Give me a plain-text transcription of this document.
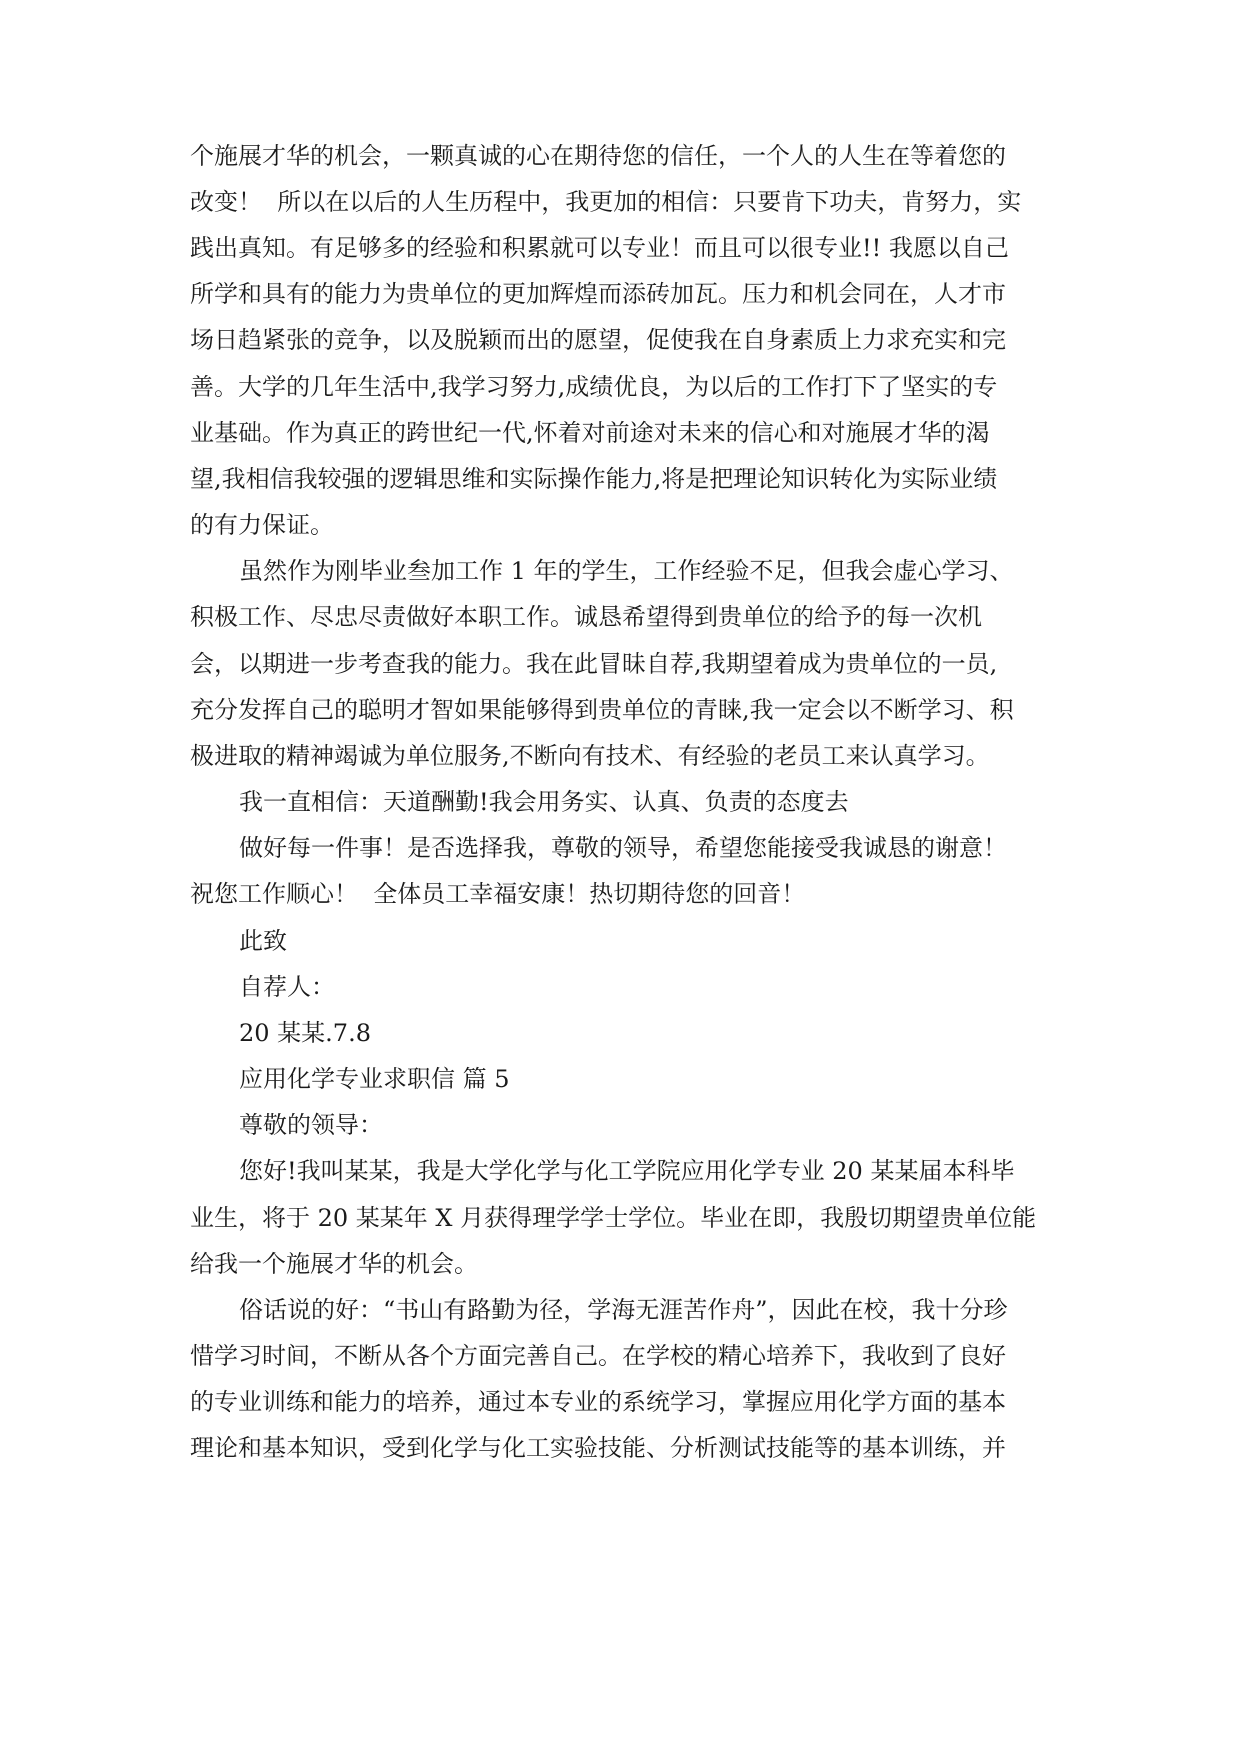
个施展才华的机会，一颗真诚的心在期待您的信任，一个人的人生在等着您的
改变！  所以在以后的人生历程中，我更加的相信：只要肯下功夫，肯努力，实
践出真知。有足够多的经验和积累就可以专业！而且可以很专业!! 我愿以自己
所学和具有的能力为贵单位的更加辉煌而添砖加瓦。压力和机会同在，人才市
场日趋紧张的竞争，以及脱颖而出的愿望，促使我在自身素质上力求充实和完
善。大学的几年生活中,我学习努力,成绩优良，为以后的工作打下了坚实的专
业基础。作为真正的跨世纪一代,怀着对前途对未来的信心和对施展才华的渴
望,我相信我较强的逻辑思维和实际操作能力,将是把理论知识转化为实际业绩
的有力保证。
虽然作为刚毕业叁加工作 1 年的学生，工作经验不足，但我会虚心学习、
积极工作、尽忠尽责做好本职工作。诚恳希望得到贵单位的给予的每一次机
会，以期进一步考查我的能力。我在此冒昧自荐,我期望着成为贵单位的一员,
充分发挥自己的聪明才智如果能够得到贵单位的青睐,我一定会以不断学习、积
极进取的精神竭诚为单位服务,不断向有技术、有经验的老员工来认真学习。
我一直相信：天道酬勤!我会用务实、认真、负责的态度去
做好每一件事！是否选择我，尊敬的领导，希望您能接受我诚恳的谢意！
祝您工作顺心！  全体员工幸福安康！热切期待您的回音！
此致
自荐人：
20 某某.7.8
应用化学专业求职信 篇 5
尊敬的领导：
您好!我叫某某，我是大学化学与化工学院应用化学专业 20 某某届本科毕
业生，将于 20 某某年 X 月获得理学学士学位。毕业在即，我殷切期望贵单位能
给我一个施展才华的机会。
俗话说的好：“书山有路勤为径，学海无涯苦作舟”，因此在校，我十分珍
惜学习时间，不断从各个方面完善自己。在学校的精心培养下，我收到了良好
的专业训练和能力的培养，通过本专业的系统学习，掌握应用化学方面的基本
理论和基本知识，受到化学与化工实验技能、分析测试技能等的基本训练，并
